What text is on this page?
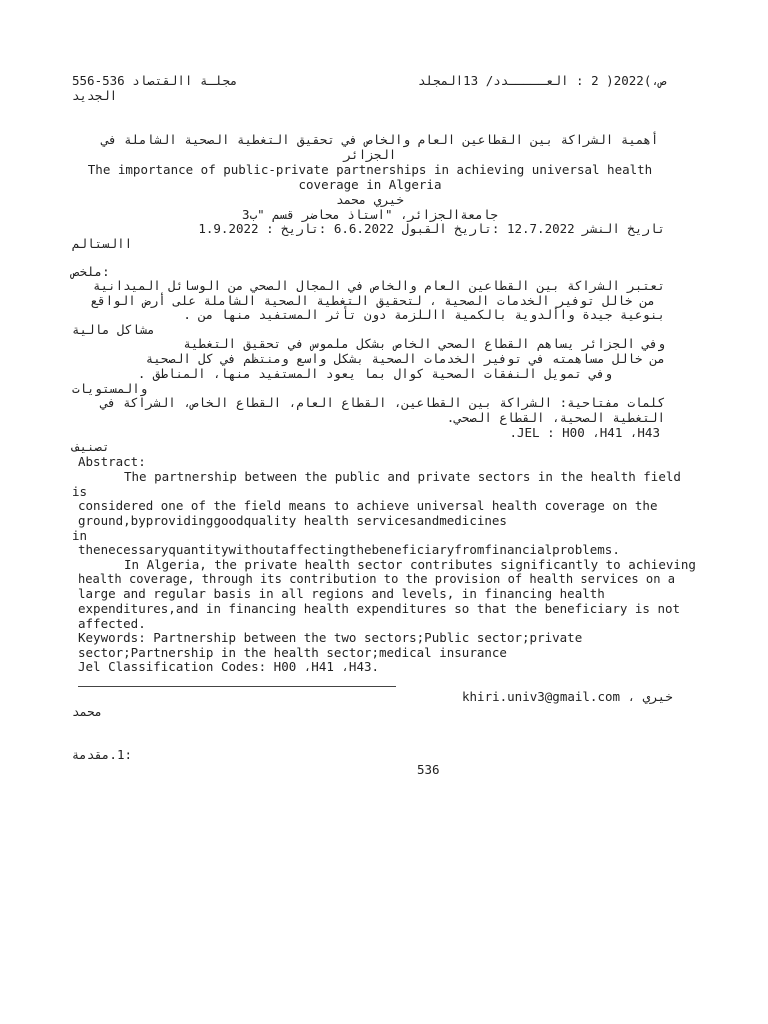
556-536 مجلـة االقتصاد
الجديد
ص،)2022( 2 : العـــــدد/ 13المجلد
أهمية الشراكة بين القطاعين العام والخاص في تحقيق التغطية الصحية الشاملة في
الجزائر
The importance of public-private partnerships in achieving universal health
coverage in Algeria
خيري محمد
جامعةالجزائر، "استاذ محاضر قسم "ب3
تاريخ النشر 12.7.2022 :تاريخ القبول 6.6.2022 :تاريخ : 1.9.2022
االستالم
ملخص:
تعتبر الشراكة بين القطاعين العام والخاص في المجال الصحي من الوسائل الميدانية
من خالل توفير الخدمات الصحية ، لتحقيق التغطية الصحية الشاملة على أرض الواقع
بنوعية جيدة واألدوية بالكمية االلزمة دون تأثر المستفيد منها من .
مشاكل مالية
وفي الجزائر يساهم القطاع الصحي الخاص بشكل ملموس في تحقيق التغطية
من خالل مساهمته في توفير الخدمات الصحية بشكل واسع ومنتظم في كل الصحية
وفي تمويل النفقات الصحية كوال بما يعود المستفيد منها، المناطق .
والمستويات
كلمات مفتاحية: الشراكة بين القطاعين، القطاع العام، القطاع الخاص، الشراكة في
التغطية الصحية، القطاع الصحي.
JEL : H00 ،H41 ،H43.
تصنيف
Abstract:
The partnership between the public and private sectors in the health field
is
considered one of the field means to achieve universal health coverage on the
ground,byprovidinggoodquality health servicesandmedicines
in
thenecessaryquantitywithoutaffectingthebeneficiaryfromfinancialproblems.
In Algeria, the private health sector contributes significantly to achieving
health coverage, through its contribution to the provision of health services on a
large and regular basis in all regions and levels, in financing health
expenditures,and in financing health expenditures so that the beneficiary is not
affected.
Keywords: Partnership between the two sectors;Public sector;private
sector;Partnership in the health sector;medical insurance
Jel Classification Codes: H00 ،H41 ،H43.
khiri.univ3@gmail.com ، خيري
محمد
:1.مقدمة
536
